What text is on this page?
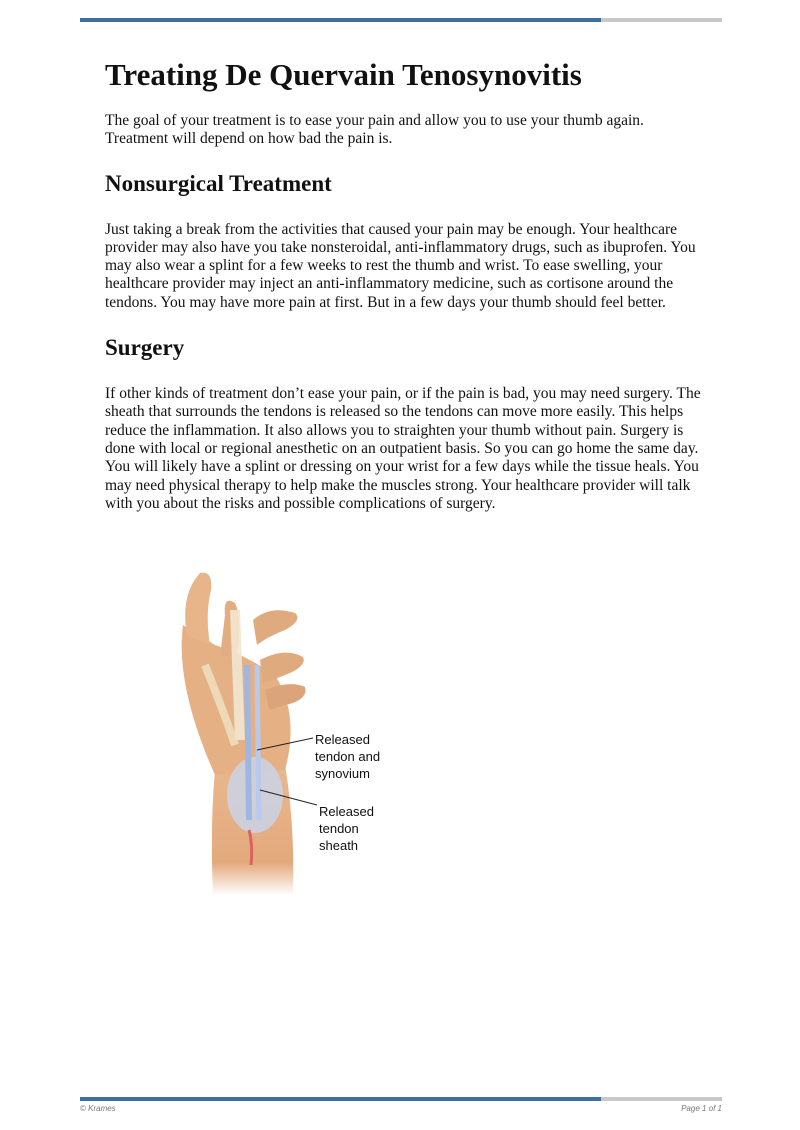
Treating De Quervain Tenosynovitis

The goal of your treatment is to ease your pain and allow you to use your thumb again. Treatment will depend on how bad the pain is.

Nonsurgical Treatment

Just taking a break from the activities that caused your pain may be enough. Your healthcare provider may also have you take nonsteroidal, anti-inflammatory drugs, such as ibuprofen. You may also wear a splint for a few weeks to rest the thumb and wrist. To ease swelling, your healthcare provider may inject an anti-inflammatory medicine, such as cortisone around the tendons. You may have more pain at first. But in a few days your thumb should feel better.

Surgery

If other kinds of treatment don’t ease your pain, or if the pain is bad, you may need surgery. The sheath that surrounds the tendons is released so the tendons can move more easily. This helps reduce the inflammation. It also allows you to straighten your thumb without pain. Surgery is done with local or regional anesthetic on an outpatient basis. So you can go home the same day. You will likely have a splint or dressing on your wrist for a few days while the tissue heals. You may need physical therapy to help make the muscles strong. Your healthcare provider will talk with you about the risks and possible complications of surgery.

Released tendon and synovium
Released tendon sheath
© Krames	Page 1 of 1
